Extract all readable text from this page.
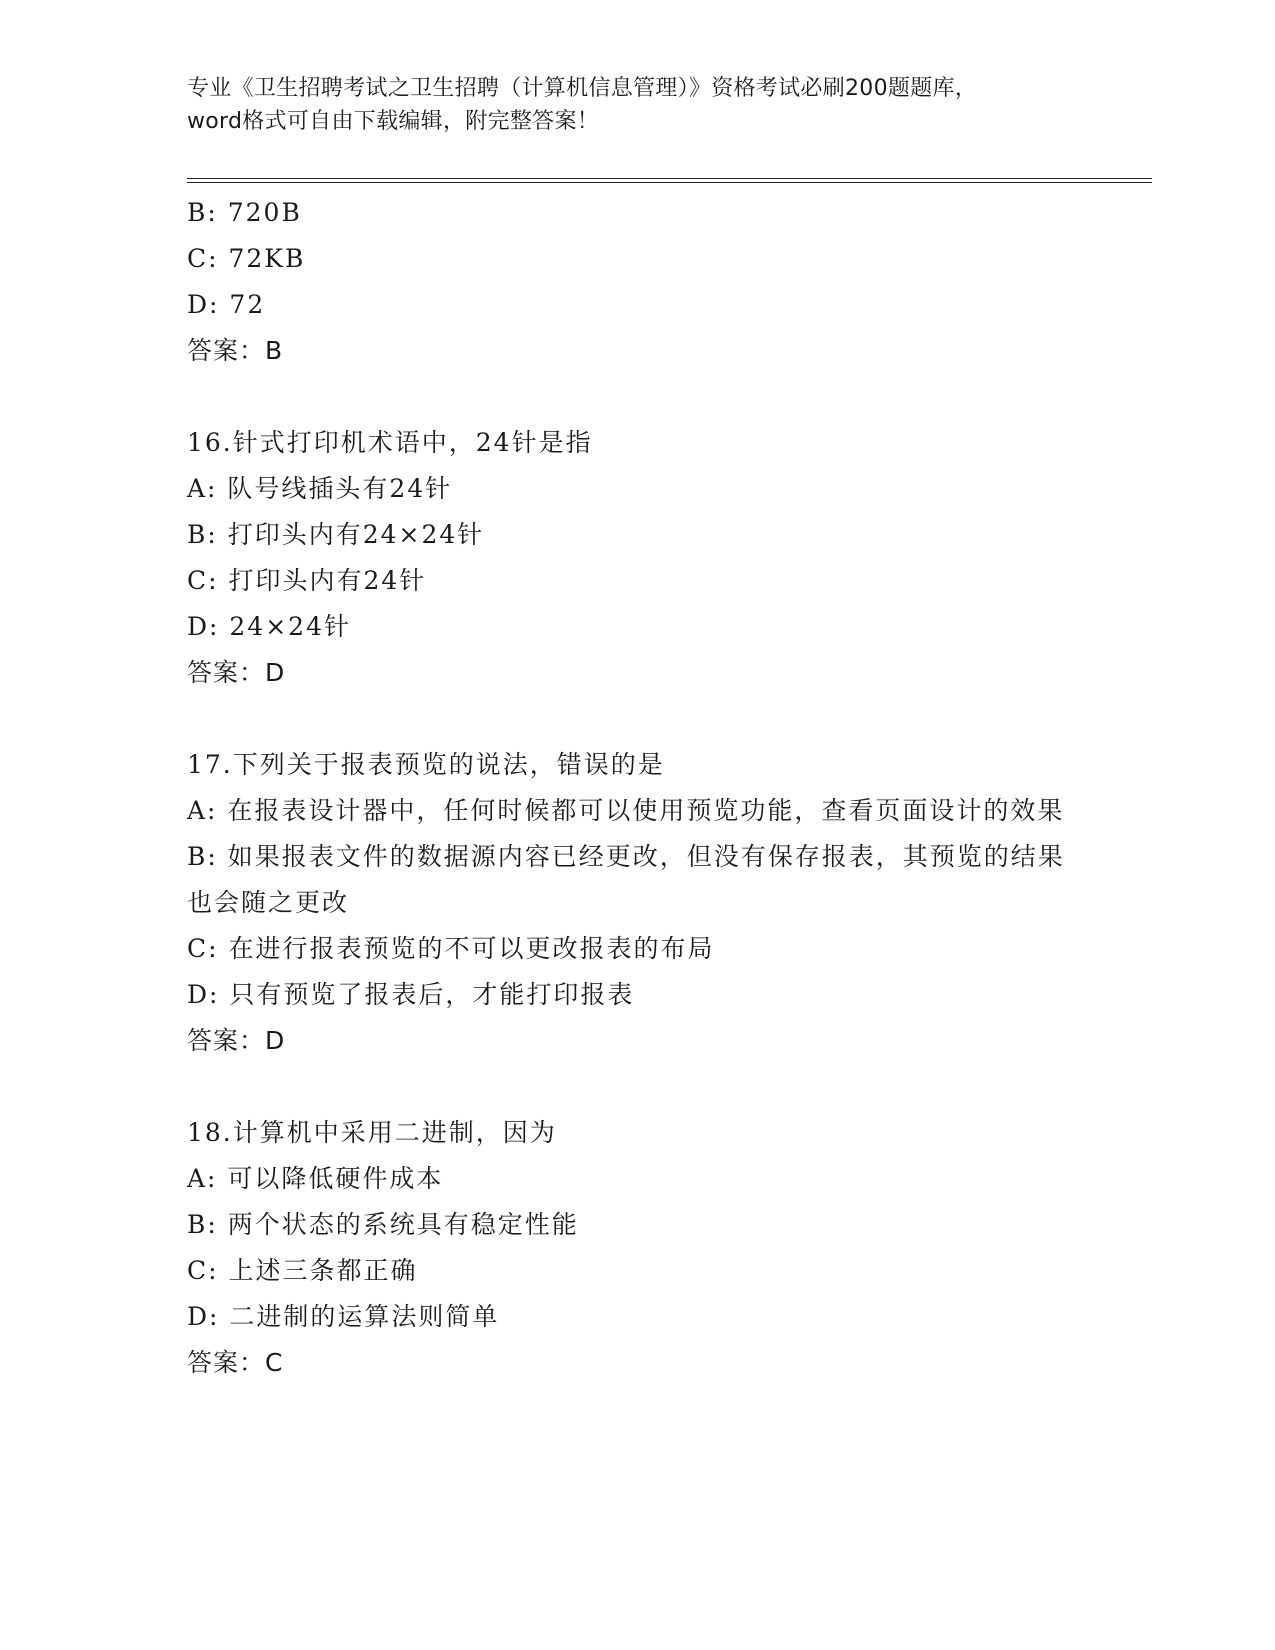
专业《卫生招聘考试之卫生招聘（计算机信息管理）》资格考试必刷200题题库，
word格式可自由下载编辑，附完整答案！
B: 720B
C: 72KB
D: 72
答案：B
16.针式打印机术语中，24针是指
A: 队号线插头有24针
B: 打印头内有24×24针
C: 打印头内有24针
D: 24×24针
答案：D
17.下列关于报表预览的说法，错误的是
A: 在报表设计器中，任何时候都可以使用预览功能，查看页面设计的效果
B: 如果报表文件的数据源内容已经更改，但没有保存报表，其预览的结果也会随之更改
C: 在进行报表预览的不可以更改报表的布局
D: 只有预览了报表后，才能打印报表
答案：D
18.计算机中采用二进制，因为
A: 可以降低硬件成本
B: 两个状态的系统具有稳定性能
C: 上述三条都正确
D: 二进制的运算法则简单
答案：C
